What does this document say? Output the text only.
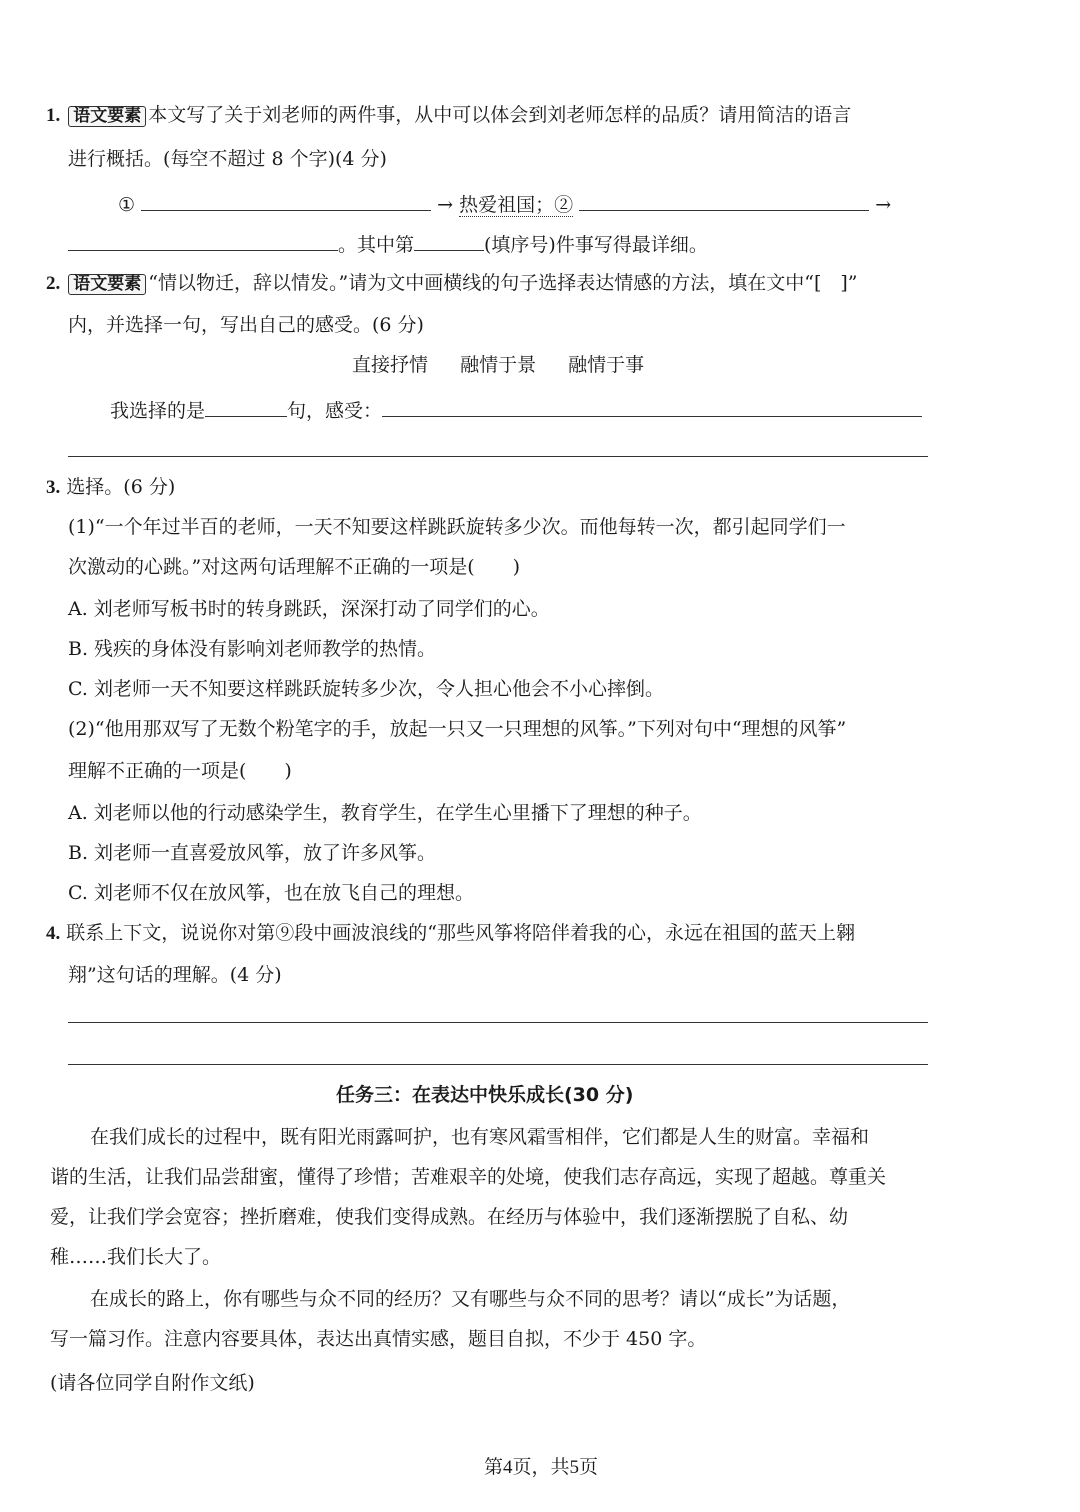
1. 语文要素 本文写了关于刘老师的两件事，从中可以体会到刘老师怎样的品质？请用简洁的语言
进行概括。(每空不超过 8 个字)(4 分)
①	→ 热爱祖国；②	→
。其中第	(填序号)件事写得最详细。
2. 语文要素 “情以物迁，辞以情发。”请为文中画横线的句子选择表达情感的方法，填在文中“[　]”
内，并选择一句，写出自己的感受。(6 分)
直接抒情 融情于景 融情于事
我选择的是	句，感受：
3. 选择。(6 分)
(1)“一个年过半百的老师，一天不知要这样跳跃旋转多少次。而他每转一次，都引起同学们一
次激动的心跳。”对这两句话理解不正确的一项是(　　)
A. 刘老师写板书时的转身跳跃，深深打动了同学们的心。
B. 残疾的身体没有影响刘老师教学的热情。
C. 刘老师一天不知要这样跳跃旋转多少次，令人担心他会不小心摔倒。
(2)“他用那双写了无数个粉笔字的手，放起一只又一只理想的风筝。”下列对句中“理想的风筝”
理解不正确的一项是(　　)
A. 刘老师以他的行动感染学生，教育学生，在学生心里播下了理想的种子。
B. 刘老师一直喜爱放风筝，放了许多风筝。
C. 刘老师不仅在放风筝，也在放飞自己的理想。
4. 联系上下文，说说你对第⑨段中画波浪线的“那些风筝将陪伴着我的心，永远在祖国的蓝天上翱
翔”这句话的理解。(4 分)
任务三：在表达中快乐成长(30 分)
在我们成长的过程中，既有阳光雨露呵护，也有寒风霜雪相伴，它们都是人生的财富。幸福和
谐的生活，让我们品尝甜蜜，懂得了珍惜；苦难艰辛的处境，使我们志存高远，实现了超越。尊重关
爱，让我们学会宽容；挫折磨难，使我们变得成熟。在经历与体验中，我们逐渐摆脱了自私、幼
稚……我们长大了。
在成长的路上，你有哪些与众不同的经历？又有哪些与众不同的思考？请以“成长”为话题，
写一篇习作。注意内容要具体，表达出真情实感，题目自拟，不少于 450 字。
(请各位同学自附作文纸)
第4页，共5页
